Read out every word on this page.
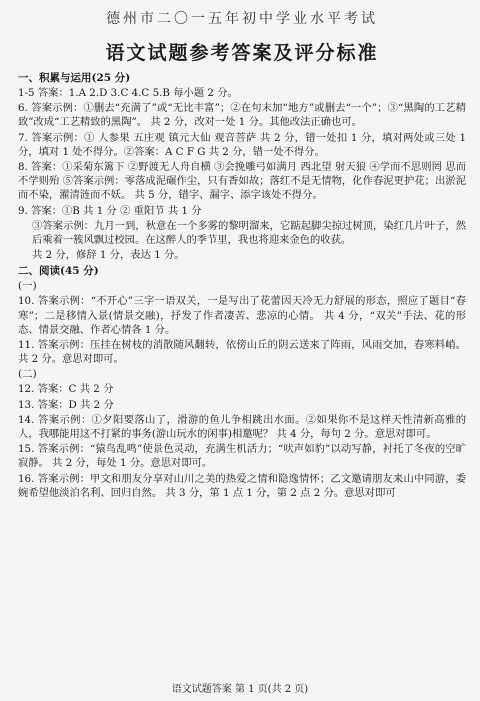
德州市二〇一五年初中学业水平考试
语文试题参考答案及评分标准
一、积累与运用(25 分)
1-5 答案：1.A 2.D 3.C 4.C 5.B 每小题 2 分。
6. 答案示例：①删去“充满了”或“无比丰富”；②在句末加“地方”或删去“一个”；③“黑陶的工艺精致”改成“工艺精致的黑陶”。 共 2 分，改对一处 1 分。其他改法正确也可。
7. 答案示例：① 人参果 五庄观 镇元大仙 观音菩萨 共 2 分，错一处扣 1 分，填对两处或三处 1 分，填对 1 处不得分。②答案：A C F G 共 2 分，错一处不得分。
8. 答案：①采菊东篱下 ②野渡无人舟自横 ③会挽雕弓如满月 西北望 射天狼 ④学而不思则罔 思而不学则殆 ⑤答案示例：零落成泥碾作尘，只有香如故；落红不是无情物，化作春泥更护花；出淤泥而不染，濯清涟而不妖。 共 5 分，错字、漏字、添字该处不得分。
9. 答案：①B 共 1 分 ② 重阳节 共 1 分
③答案示例：九月一到，秋意在一个多雾的黎明溜来，它踮起脚尖掠过树顶，染红几片叶子，然后乘着一簇风飘过校园。在这醉人的季节里，我也将迎来金色的收获。
共 2 分，修辞 1 分，表达 1 分。
二、阅读(45 分)
(一)
10. 答案示例：“不开心”三字一语双关，一是写出了花蕾因天冷无力舒展的形态，照应了题目“春寒”；二是移情入景(情景交融)，抒发了作者凄苦、悲凉的心情。 共 4 分，“双关”手法、花的形态、情景交融、作者心情各 1 分。
11. 答案示例：压挂在树枝的消散随风翻转，依傍山丘的阴云送来了阵雨，风雨交加，春寒料峭。 共 2 分。意思对即可。
(二)
12. 答案：C 共 2 分
13. 答案：D 共 2 分
14. 答案示例：①夕阳要落山了，滑游的鱼儿争相跳出水面。②如果你不是这样天性清新高雅的人，我哪能用这不打紧的事务(游山玩水的闲事)相邀呢？ 共 4 分，每句 2 分。意思对即可。
15. 答案示例：“猿鸟乱鸣”使景色灵动，充满生机活力；“吠声如豹”以动写静，衬托了冬夜的空旷寂静。 共 2 分，每处 1 分。意思对即可。
16. 答案示例：甲文和朋友分享对山川之美的热爱之情和隐逸情怀；乙文邀请朋友来山中同游，委婉希望他淡泊名利、回归自然。 共 3 分，第 1 点 1 分，第 2 点 2 分。意思对即可
语文试题答案 第 1 页(共 2 页)
